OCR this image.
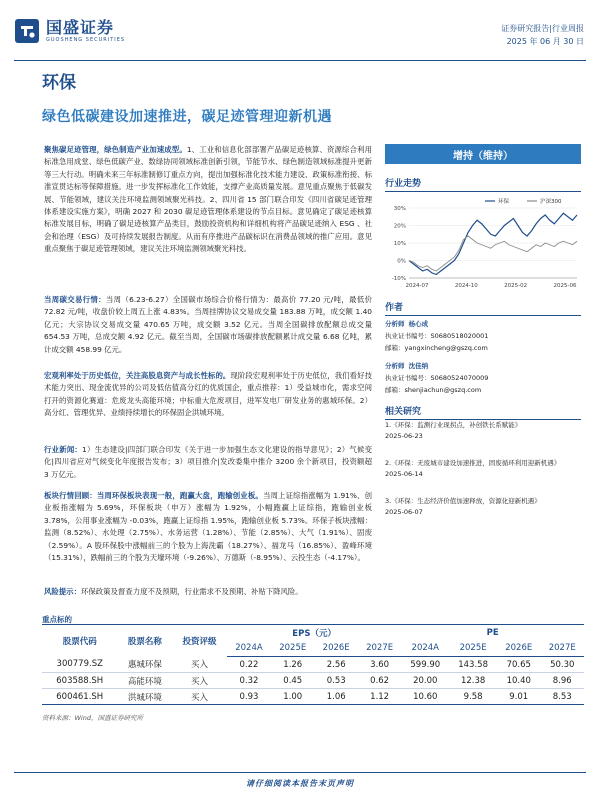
国盛证券
GUOSHENG SECURITIES
证券研究报告|行业周报
2025 年 06 月 30 日
环保
绿色低碳建设加速推进，碳足迹管理迎新机遇
聚焦碳足迹管理，绿色制造产业加速成型。1、工业和信息化部部署产品碳足迹核算、资源综合利用标准急用成堂、绿色低碳产业、数绿协同领域标准创新引领，节能节水、绿色制造领域标准提升更新等三大行动。明确未来三年标准制修订重点方向，提出加强标准化技术能力建设、政策标准衔接、标准宣贯达标等保障措施。进一步发挥标准化工作效能，支撑产业高质量发展。意见重点聚焦于低碳发展、节能领域，建议关注环境监测领域聚光科技。2、四川省 15 部门联合印发《四川省碳足迹管理体系建设实施方案》，明确 2027 和 2030 碳足迹管理体系建设的节点目标。意见确定了碳足迹核算标准发展目标，明确了碳足迹核算产品类目，鼓励投资机构和详细机构将产品碳足迹纳入 ESG 、社会和治理（ESG）及可持续发展报告制度。从而有序推进产品碳标识在消费品领域的推广应用。意见重点聚焦于碳足迹管理领域，建议关注环境监测领域聚光科技。
当周碳交易行情：当周（6.23-6.27）全国碳市场综合价格行情为：最高价 77.20 元/吨，最低价 72.82 元/吨，收盘价较上周五上涨 4.83%。当周挂牌协议交易成交量 183.88 万吨，成交额 1.40 亿元；大宗协议交易成交量 470.65 万吨，成交额 3.52 亿元。当周全国碳排放配额总成交量 654.53 万吨，总成交额 4.92 亿元。截至当周，全国碳市场碳排放配额累计成交量 6.68 亿吨，累计成交额 458.99 亿元。
宏观利率处于历史低位，关注高股息资产与成长性标的。现阶段宏观利率处于历史低位，我们看好技术能力突出、现金流优异的公司及低估值高分红的优质国企，重点推荐：1）受益城市化，需求空间打开的资源化赛道：危废龙头高能环境；中标重大危废项目，进军发电厂研发业务的惠城环保。2）高分红、管理优异、业绩持续增长的环保固企洪城环境。
行业新闻：1）生态建设|四部门联合印发《关于进一步加强生态文化建设的指导意见》；2）气候变化|四川省应对气候变化年度报告发布；3）项目推介|发改委集中推介 3200 余个新项目，投资额超 3 万亿元。
板块行情回顾：当周环保板块表现一般，跑赢大盘，跑输创业板。当周上证综指涨幅为 1.91%、创业板指涨幅为 5.69%，环保板块（申万）涨幅为 1.92%，小幅跑赢上证综指，跑输创业板 3.78%，公用事业涨幅为 -0.03%，跑赢上证综指 1.95%，跑输创业板 5.73%。环保子板块涨幅：监测（8.52%）、水处理（2.75%）、水务运营（1.28%）、节能（2.85%）、大气（1.91%）、固废（2.59%）。A 股环保股中涨幅前三的个股为上海洗霸（18.27%）、福龙马（16.85%）、盈峰环境（15.31%），跌幅前三的个股为天壕环境（-9.26%）、万德斯（-8.95%）、云投生态（-4.17%）。
风险提示：环保政策及督查力度不及预期，行业需求不及预期、补贴下降风险。
增持（维持）
行业走势
30%
20%
10%
0%
-10%
2024-07	2024-10	2025-02	2025-06
环保	沪深300
作者
分析师 杨心成
执业证书编号：S0680518020001
邮箱：yangxincheng@gszq.com
分析师 沈佳纳
执业证书编号：S0680524070009
邮箱：shenjiachun@gszq.com
相关研究
1.《环保：监测行业现拐点，补创铁长系赋能》
2025-06-23
2.《环保：无废城市建设加速推进，固废循环利用迎新机遇》
2025-06-14
3.《环保：生态经济价值加速释放，资源化迎新机遇》
2025-06-07
重点标的
股票代码	股票名称	投资评级	EPS（元）				PE			
			2024A	2025E	2026E	2027E	2024A	2025E	2026E	2027E
300779.SZ	惠城环保	买入	0.22	1.26	2.56	3.60	599.90	143.58	70.65	50.30
603588.SH	高能环境	买入	0.32	0.45	0.53	0.62	20.00	12.38	10.40	8.96
600461.SH	洪城环境	买入	0.93	1.00	1.06	1.12	10.60	9.58	9.01	8.53
资料来源：Wind，国盛证券研究所
请仔细阅读本报告末页声明
